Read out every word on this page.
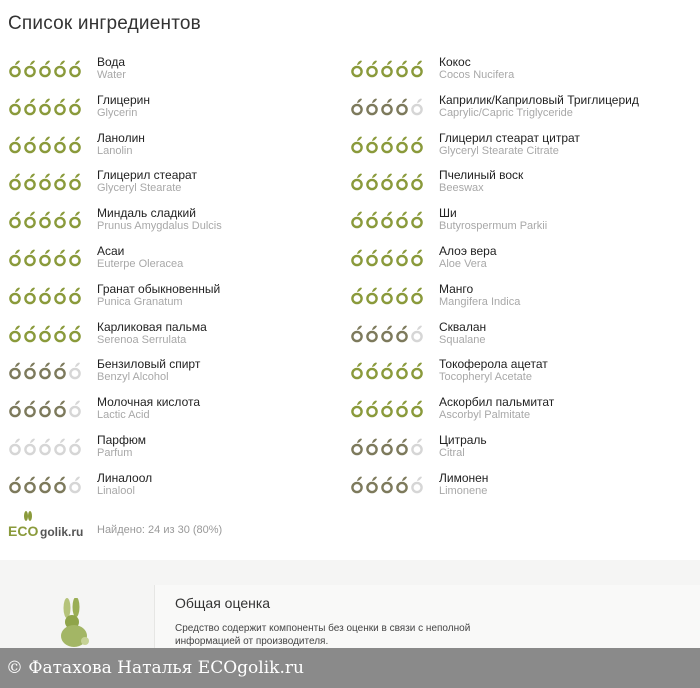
Список ингредиентов
Вода
Water
Глицерин
Glycerin
Ланолин
Lanolin
Глицерил стеарат
Glyceryl Stearate
Миндаль сладкий
Prunus Amygdalus Dulcis
Асаи
Euterpe Oleracea
Гранат обыкновенный
Punica Granatum
Карликовая пальма
Serenoa Serrulata
Бензиловый спирт
Benzyl Alcohol
Молочная кислота
Lactic Acid
Парфюм
Parfum
Линалоол
Linalool
Кокос
Cocos Nucifera
Каприлик/Каприловый Триглицерид
Caprylic/Capric Triglyceride
Глицерил стеарат цитрат
Glyceryl Stearate Citrate
Пчелиный воск
Beeswax
Ши
Butyrospermum Parkii
Алоэ вера
Aloe Vera
Манго
Mangifera Indica
Сквалан
Squalane
Токоферола ацетат
Tocopheryl Acetate
Аскорбил пальмитат
Ascorbyl Palmitate
Цитраль
Citral
Лимонен
Limonene
ECO golik.ru Найдено: 24 из 30 (80%)
Общая оценка
Средство содержит компоненты без оценки в связи с неполной информацией от производителя.
© Фатахова Наталья ECOgolik.ru
